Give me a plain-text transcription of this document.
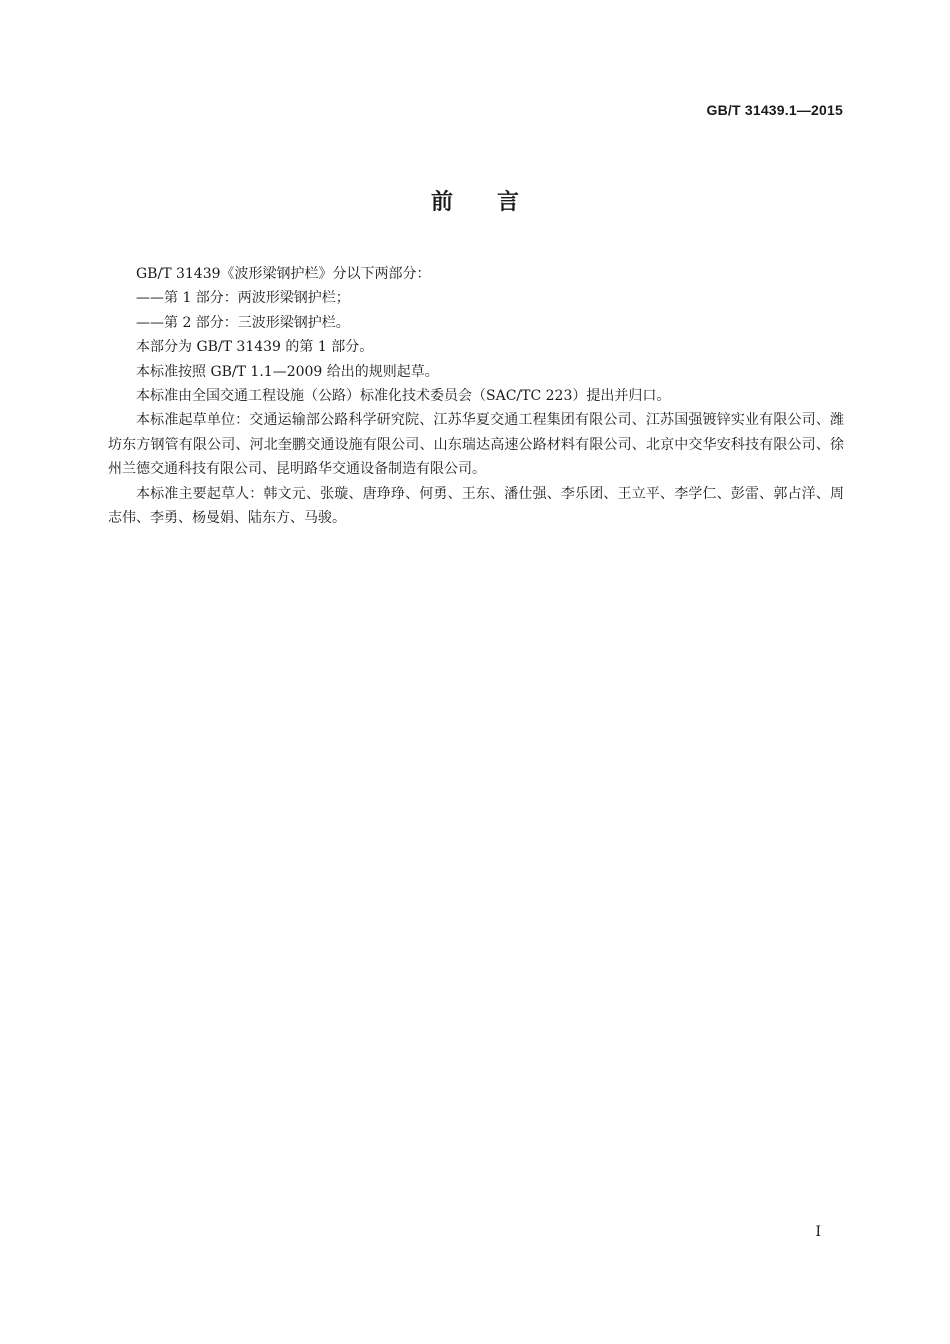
GB/T 31439.1—2015
前　　言

GB/T 31439《波形梁钢护栏》分以下两部分：

——第 1 部分：两波形梁钢护栏；

——第 2 部分：三波形梁钢护栏。

本部分为 GB/T 31439 的第 1 部分。

本标准按照 GB/T 1.1—2009 给出的规则起草。

本标准由全国交通工程设施（公路）标准化技术委员会（SAC/TC 223）提出并归口。

本标准起草单位：交通运输部公路科学研究院、江苏华夏交通工程集团有限公司、江苏国强镀锌实业有限公司、潍坊东方钢管有限公司、河北奎鹏交通设施有限公司、山东瑞达高速公路材料有限公司、北京中交华安科技有限公司、徐州兰德交通科技有限公司、昆明路华交通设备制造有限公司。

本标准主要起草人：韩文元、张璇、唐琤琤、何勇、王东、潘仕强、李乐团、王立平、李学仁、彭雷、郭占洋、周志伟、李勇、杨曼娟、陆东方、马骏。

I
